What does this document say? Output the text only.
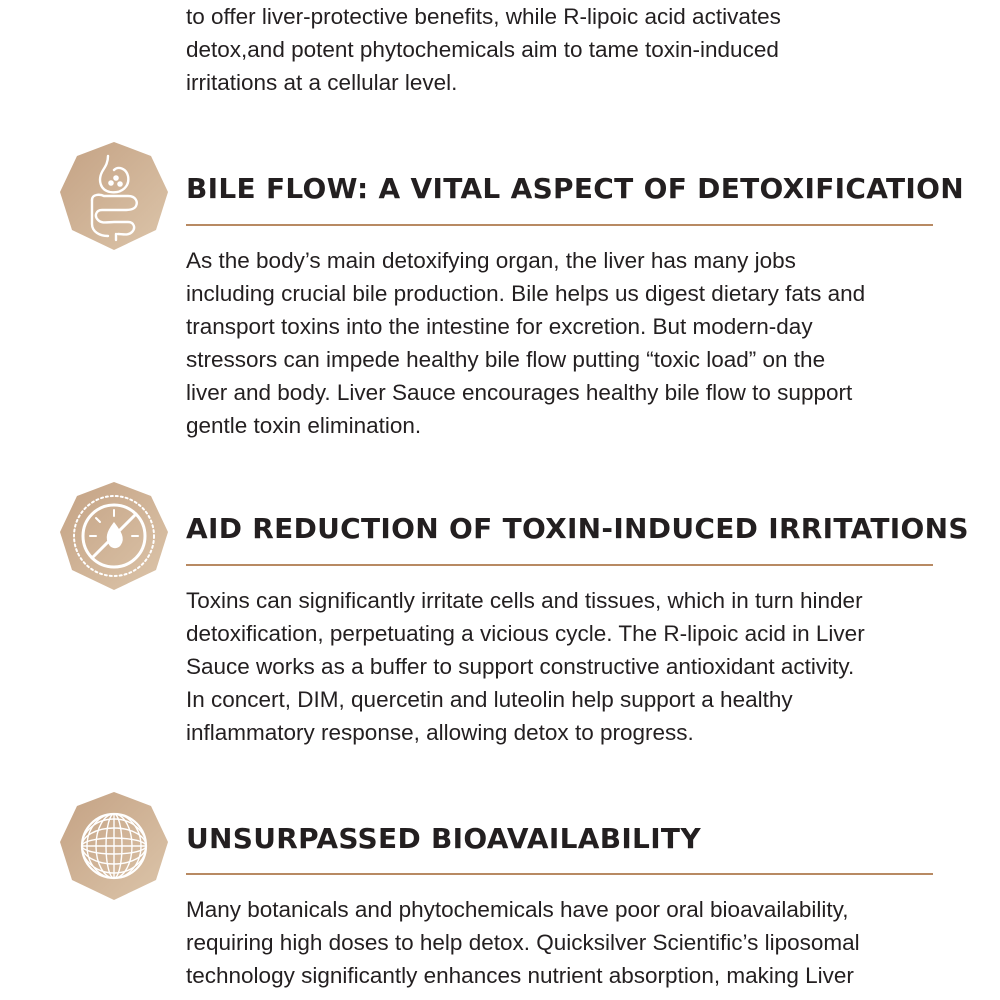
to offer liver-protective benefits, while R-lipoic acid activates
detox,and potent phytochemicals aim to tame toxin-induced
irritations at a cellular level.

BILE FLOW: A VITAL ASPECT OF DETOXIFICATION

As the body’s main detoxifying organ, the liver has many jobs
including crucial bile production. Bile helps us digest dietary fats and
transport toxins into the intestine for excretion. But modern-day
stressors can impede healthy bile flow putting “toxic load” on the
liver and body. Liver Sauce encourages healthy bile flow to support
gentle toxin elimination.

AID REDUCTION OF TOXIN-INDUCED IRRITATIONS

Toxins can significantly irritate cells and tissues, which in turn hinder
detoxification, perpetuating a vicious cycle. The R-lipoic acid in Liver
Sauce works as a buffer to support constructive antioxidant activity.
In concert, DIM, quercetin and luteolin help support a healthy
inflammatory response, allowing detox to progress.

UNSURPASSED BIOAVAILABILITY

Many botanicals and phytochemicals have poor oral bioavailability,
requiring high doses to help detox. Quicksilver Scientific’s liposomal
technology significantly enhances nutrient absorption, making Liver
